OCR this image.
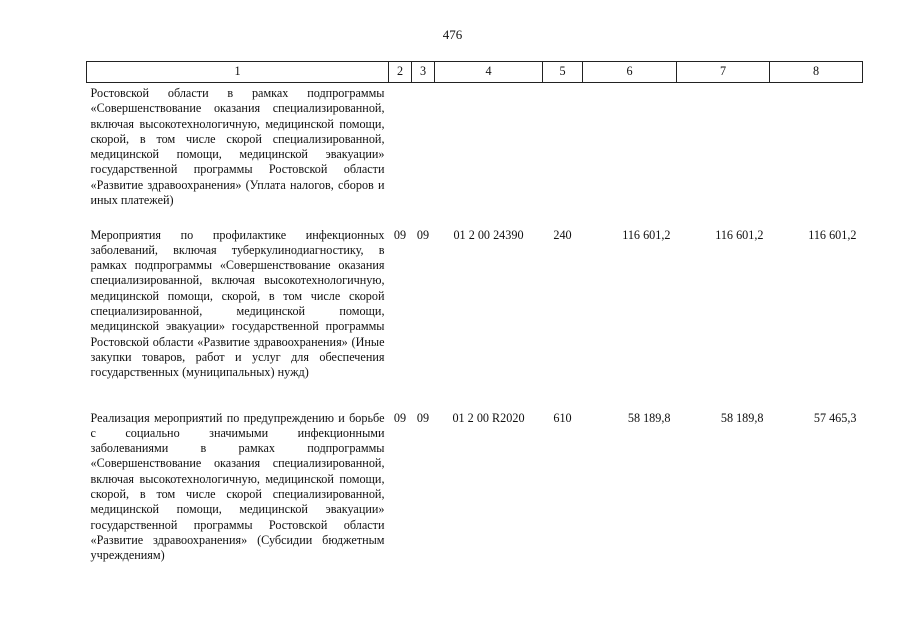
476
1	2	3	4	5	6	7	8
Ростовской области в рамках подпрограммы «Совершенствование оказания специализированной, включая высокотехнологичную, медицинской помощи, скорой, в том числе скорой специализированной, медицинской помощи, медицинской эвакуации» государственной программы Ростовской области «Развитие здравоохранения» (Уплата налогов, сборов и иных платежей)							
Мероприятия по профилактике инфекционных заболеваний, включая туберкулинодиагностику, в рамках подпрограммы «Совершенствование оказания специализированной, включая высокотехнологичную, медицинской помощи, скорой, в том числе скорой специализированной, медицинской помощи, медицинской эвакуации» государственной программы Ростовской области «Развитие здравоохранения» (Иные закупки товаров, работ и услуг для обеспечения государственных (муниципальных) нужд)	09	09	01 2 00 24390	240	116 601,2	116 601,2	116 601,2
Реализация мероприятий по предупреждению и борьбе с социально значимыми инфекционными заболеваниями в рамках подпрограммы «Совершенствование оказания специализированной, включая высокотехнологичную, медицинской помощи, скорой, в том числе скорой специализированной, медицинской помощи, медицинской эвакуации» государственной программы Ростовской области «Развитие здравоохранения» (Субсидии бюджетным учреждениям)	09	09	01 2 00 R2020	610	58 189,8	58 189,8	57 465,3
